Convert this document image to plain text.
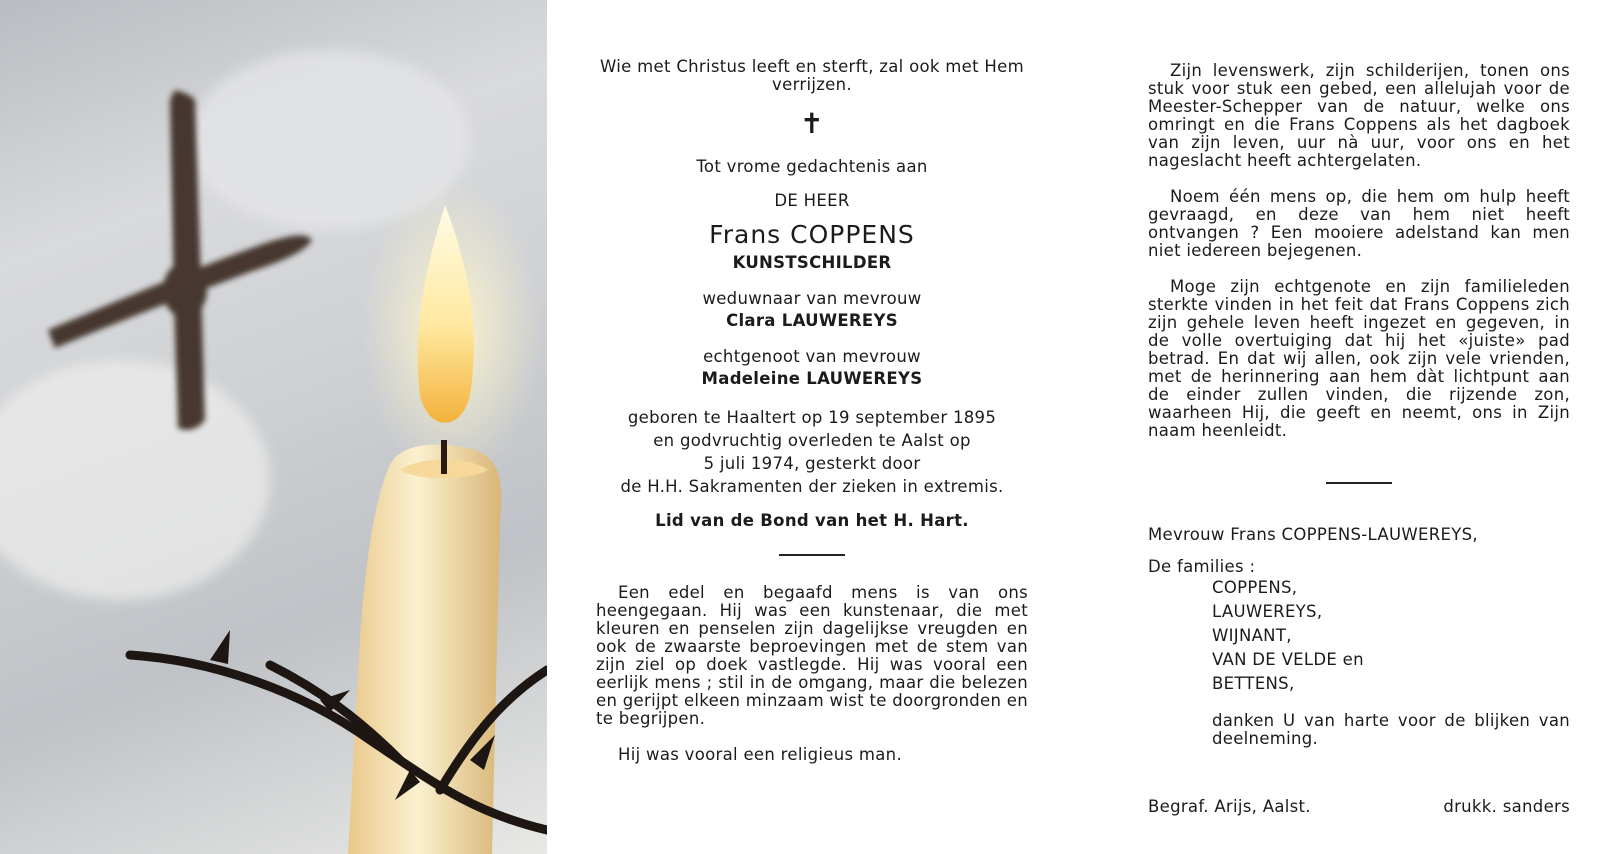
Wie met Christus leeft en sterft, zal ook met Hem verrijzen.
✝
Tot vrome gedachtenis aan
DE HEER
Frans COPPENS
KUNSTSCHILDER
weduwnaar van mevrouw
Clara LAUWEREYS
echtgenoot van mevrouw
Madeleine LAUWEREYS
geboren te Haaltert op 19 september 1895
en godvruchtig overleden te Aalst op
5 juli 1974, gesterkt door
de H.H. Sakramenten der zieken in extremis.
Lid van de Bond van het H. Hart.
Een edel en begaafd mens is van ons heengegaan. Hij was een kunstenaar, die met kleuren en penselen zijn dagelijkse vreugden en ook de zwaarste beproevingen met de stem van zijn ziel op doek vastlegde. Hij was vooral een eerlijk mens ; stil in de omgang, maar die belezen en gerijpt elkeen minzaam wist te doorgronden en te begrijpen.
Hij was vooral een religieus man.
Zijn levenswerk, zijn schilderijen, tonen ons stuk voor stuk een gebed, een allelujah voor de Meester-Schepper van de natuur, welke ons omringt en die Frans Coppens als het dagboek van zijn leven, uur nà uur, voor ons en het nageslacht heeft achtergelaten.
Noem één mens op, die hem om hulp heeft gevraagd, en deze van hem niet heeft ontvangen ? Een mooiere adelstand kan men niet iedereen bejegenen.
Moge zijn echtgenote en zijn familieleden sterkte vinden in het feit dat Frans Coppens zich zijn gehele leven heeft ingezet en gegeven, in de volle overtuiging dat hij het «juiste» pad betrad. En dat wij allen, ook zijn vele vrienden, met de herinnering aan hem dàt lichtpunt aan de einder zullen vinden, die rijzende zon, waarheen Hij, die geeft en neemt, ons in Zijn naam heenleidt.
Mevrouw Frans COPPENS-LAUWEREYS,
De families :
COPPENS,
LAUWEREYS,
WIJNANT,
VAN DE VELDE en
BETTENS,
danken U van harte voor de blijken van deelneming.
Begraf. Arijs, Aalst.	drukk. sanders
